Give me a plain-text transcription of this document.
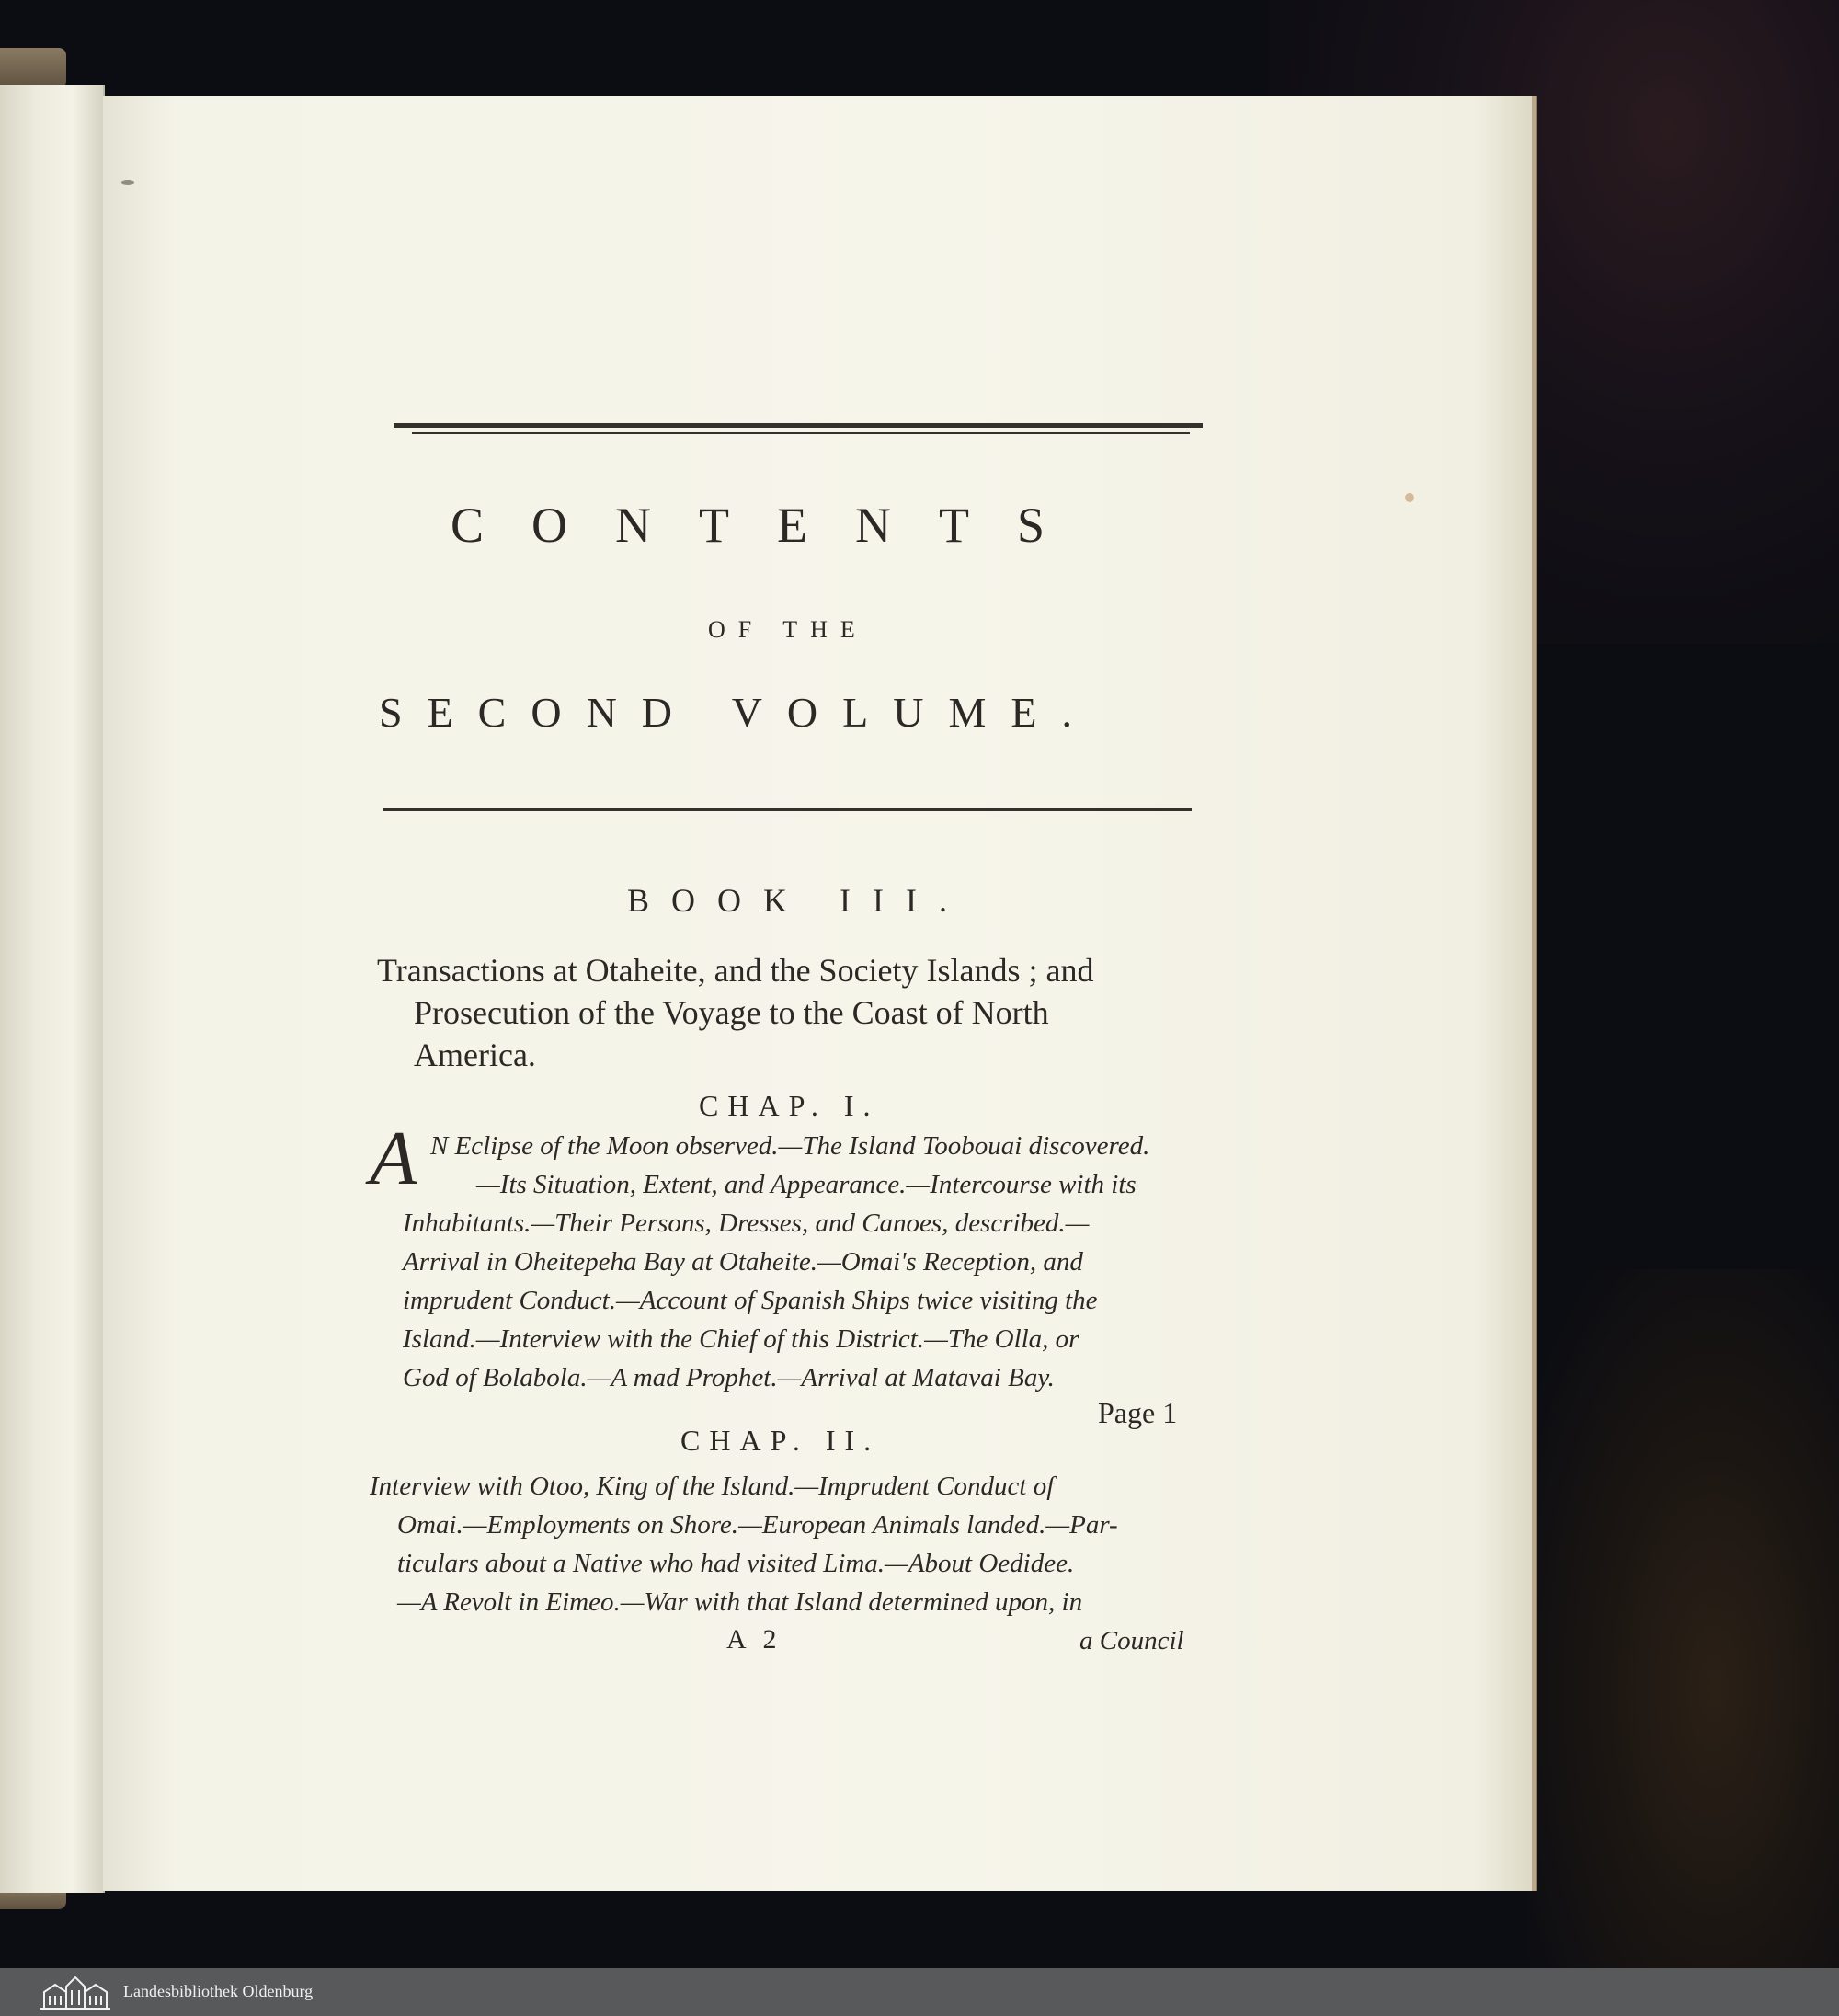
CONTENTS
OF THE
SECOND VOLUME.
BOOK III.
Transactions at Otaheite, and the Society Islands ; and
Prosecution of the Voyage to the Coast of North
America.
CHAP. I.
A N Eclipse of the Moon observed.—The Island Toobouai discovered.
—Its Situation, Extent, and Appearance.—Intercourse with its
Inhabitants.—Their Persons, Dresses, and Canoes, described.—
Arrival in Oheitepeha Bay at Otaheite.—Omai's Reception, and
imprudent Conduct.—Account of Spanish Ships twice visiting the
Island.—Interview with the Chief of this District.—The Olla, or
God of Bolabola.—A mad Prophet.—Arrival at Matavai Bay.
Page 1
CHAP. II.
Interview with Otoo, King of the Island.—Imprudent Conduct of
Omai.—Employments on Shore.—European Animals landed.—Par-
ticulars about a Native who had visited Lima.—About Oedidee.
—A Revolt in Eimeo.—War with that Island determined upon, in
A 2	a Council
Landesbibliothek Oldenburg
